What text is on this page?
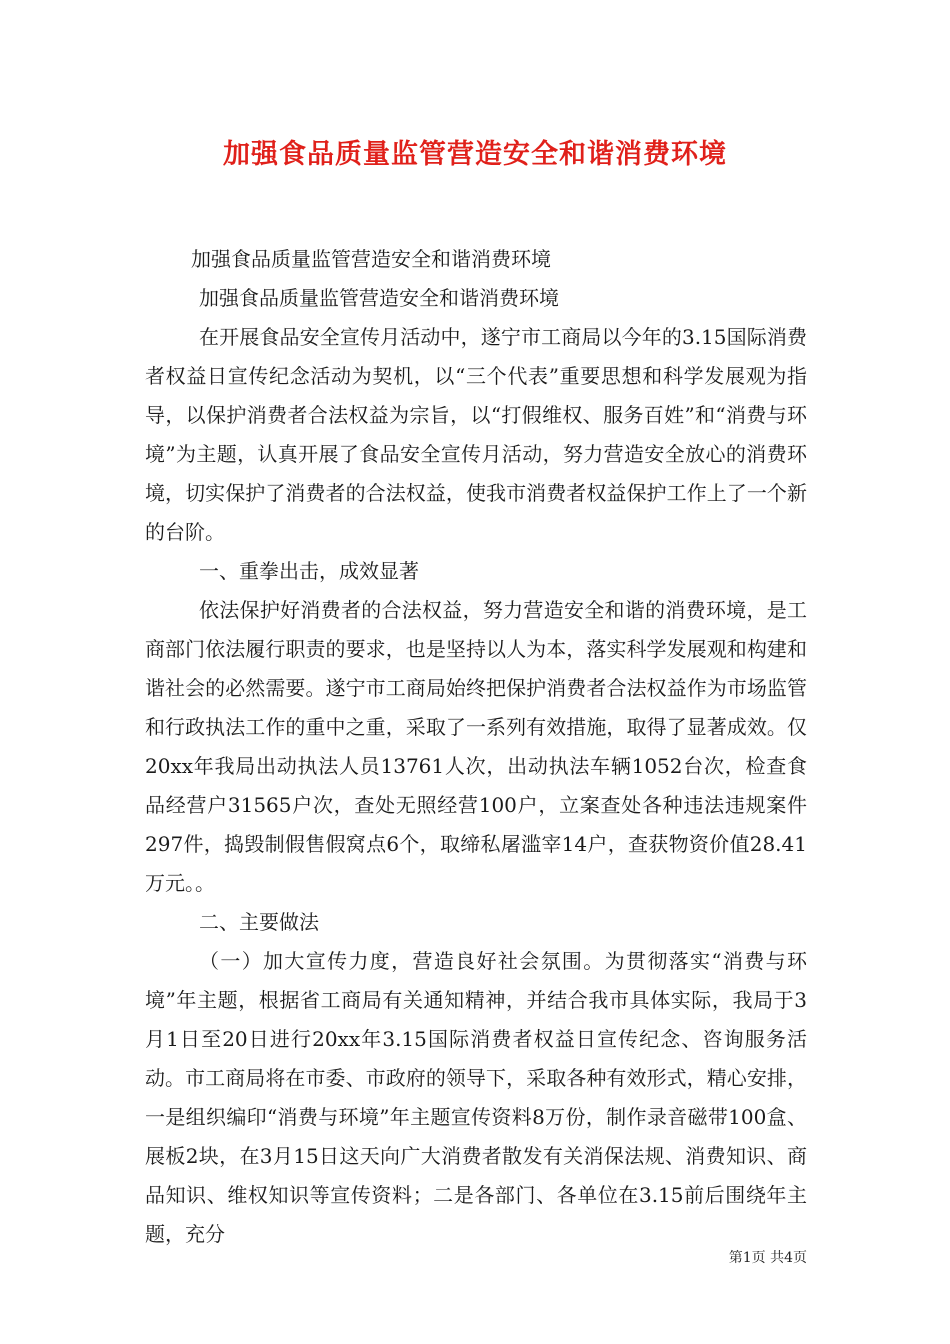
加强食品质量监管营造安全和谐消费环境

加强食品质量监管营造安全和谐消费环境

加强食品质量监管营造安全和谐消费环境

在开展食品安全宣传月活动中，遂宁市工商局以今年的3.15国际消费者权益日宣传纪念活动为契机，以“三个代表”重要思想和科学发展观为指导，以保护消费者合法权益为宗旨，以“打假维权、服务百姓”和“消费与环境”为主题，认真开展了食品安全宣传月活动，努力营造安全放心的消费环境，切实保护了消费者的合法权益，使我市消费者权益保护工作上了一个新的台阶。

一、重拳出击，成效显著

依法保护好消费者的合法权益，努力营造安全和谐的消费环境，是工商部门依法履行职责的要求，也是坚持以人为本，落实科学发展观和构建和谐社会的必然需要。遂宁市工商局始终把保护消费者合法权益作为市场监管和行政执法工作的重中之重，采取了一系列有效措施，取得了显著成效。仅20xx年我局出动执法人员13761人次，出动执法车辆1052台次，检查食品经营户31565户次，查处无照经营100户，立案查处各种违法违规案件297件，捣毁制假售假窝点6个，取缔私屠滥宰14户，查获物资价值28.41万元。。

二、主要做法

（一）加大宣传力度，营造良好社会氛围。为贯彻落实“消费与环境”年主题，根据省工商局有关通知精神，并结合我市具体实际，我局于3月1日至20日进行20xx年3.15国际消费者权益日宣传纪念、咨询服务活动。市工商局将在市委、市政府的领导下，采取各种有效形式，精心安排，一是组织编印“消费与环境”年主题宣传资料8万份，制作录音磁带100盒、展板2块，在3月15日这天向广大消费者散发有关消保法规、消费知识、商品知识、维权知识等宣传资料；二是各部门、各单位在3.15前后围绕年主题，充分

第1页 共4页
